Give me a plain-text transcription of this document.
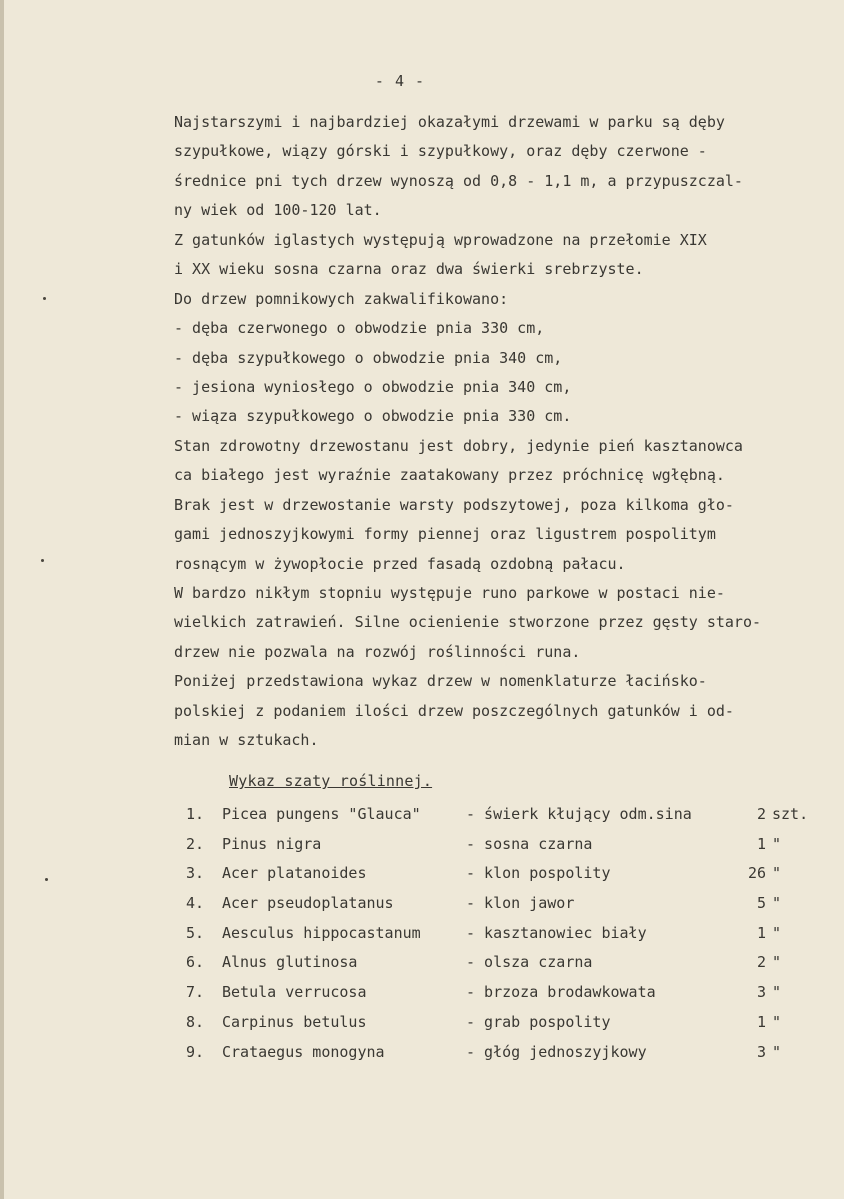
- 4 -
Najstarszymi i najbardziej okazałymi drzewami w parku są dęby
szypułkowe, wiązy górski i szypułkowy, oraz dęby czerwone -
średnice pni tych drzew wynoszą od 0,8 - 1,1 m, a przypuszczal-
ny wiek od 100-120 lat.
Z gatunków iglastych występują wprowadzone na przełomie XIX
i XX wieku sosna czarna oraz dwa świerki srebrzyste.
Do drzew pomnikowych zakwalifikowano:
- dęba czerwonego o obwodzie pnia 330 cm,
- dęba szypułkowego o obwodzie pnia 340 cm,
- jesiona wyniosłego o obwodzie pnia 340 cm,
- wiąza szypułkowego o obwodzie pnia 330 cm.
Stan zdrowotny drzewostanu jest dobry, jedynie pień kasztanowca
ca białego jest wyraźnie zaatakowany przez próchnicę wgłębną.
Brak jest w drzewostanie warsty podszytowej, poza kilkoma gło-
gami jednoszyjkowymi formy piennej oraz ligustrem pospolitym
rosnącym w żywopłocie przed fasadą ozdobną pałacu.
W bardzo nikłym stopniu występuje runo parkowe w postaci nie-
wielkich zatrawień. Silne ocienienie stworzone przez gęsty staro-
drzew nie pozwala na rozwój roślinności runa.
Poniżej przedstawiona wykaz drzew w nomenklaturze łacińsko-
polskiej z podaniem ilości drzew poszczególnych gatunków i od-
mian w sztukach.
Wykaz szaty roślinnej.
1.	Picea pungens "Glauca"	- świerk kłujący odm.sina	2 szt.
2.	Pinus nigra	- sosna czarna	1 "
3.	Acer platanoides	- klon pospolity	26 "
4.	Acer pseudoplatanus	- klon jawor	5 "
5.	Aesculus hippocastanum	- kasztanowiec biały	1 "
6.	Alnus glutinosa	- olsza czarna	2 "
7.	Betula verrucosa	- brzoza brodawkowata	3 "
8.	Carpinus betulus	- grab pospolity	1 "
9.	Crataegus monogyna	- głóg jednoszyjkowy	3 "
